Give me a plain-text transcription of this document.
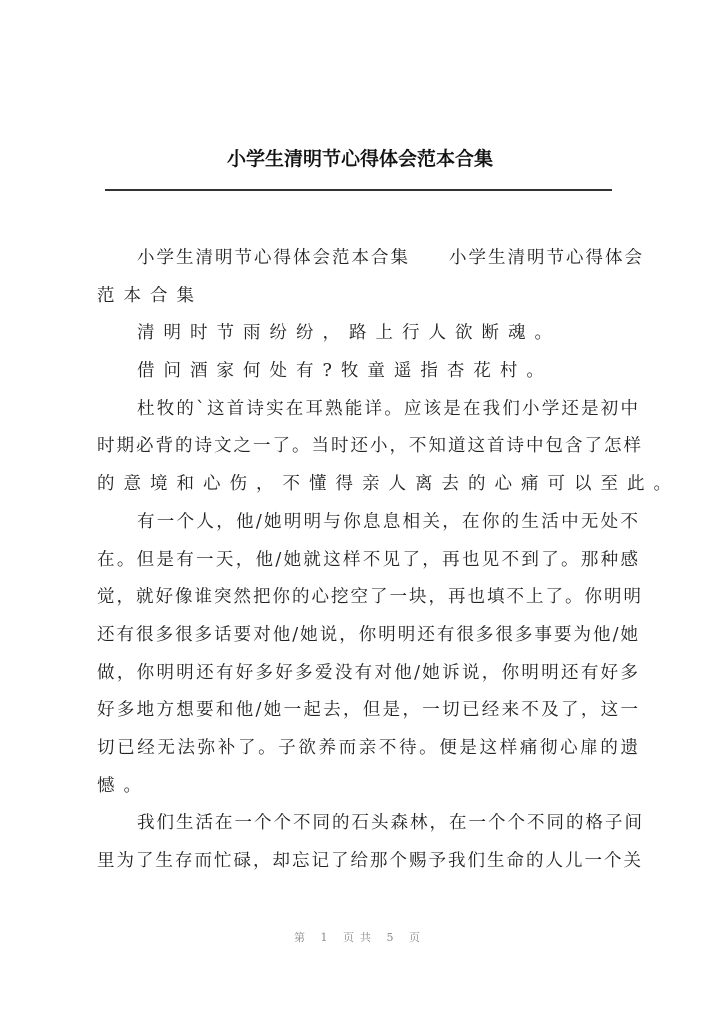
小学生清明节心得体会范本合集
小学生清明节心得体会范本合集　　小学生清明节心得体会
范本合集
清明时节雨纷纷，路上行人欲断魂。
借问酒家何处有?牧童遥指杏花村。
杜牧的`这首诗实在耳熟能详。应该是在我们小学还是初中
时期必背的诗文之一了。当时还小，不知道这首诗中包含了怎样
的意境和心伤，不懂得亲人离去的心痛可以至此。
有一个人，他/她明明与你息息相关，在你的生活中无处不
在。但是有一天，他/她就这样不见了，再也见不到了。那种感
觉，就好像谁突然把你的心挖空了一块，再也填不上了。你明明
还有很多很多话要对他/她说，你明明还有很多很多事要为他/她
做，你明明还有好多好多爱没有对他/她诉说，你明明还有好多
好多地方想要和他/她一起去，但是，一切已经来不及了，这一
切已经无法弥补了。子欲养而亲不待。便是这样痛彻心扉的遗
憾。
我们生活在一个个不同的石头森林，在一个个不同的格子间
里为了生存而忙碌，却忘记了给那个赐予我们生命的人儿一个关
第 1 页共 5 页
